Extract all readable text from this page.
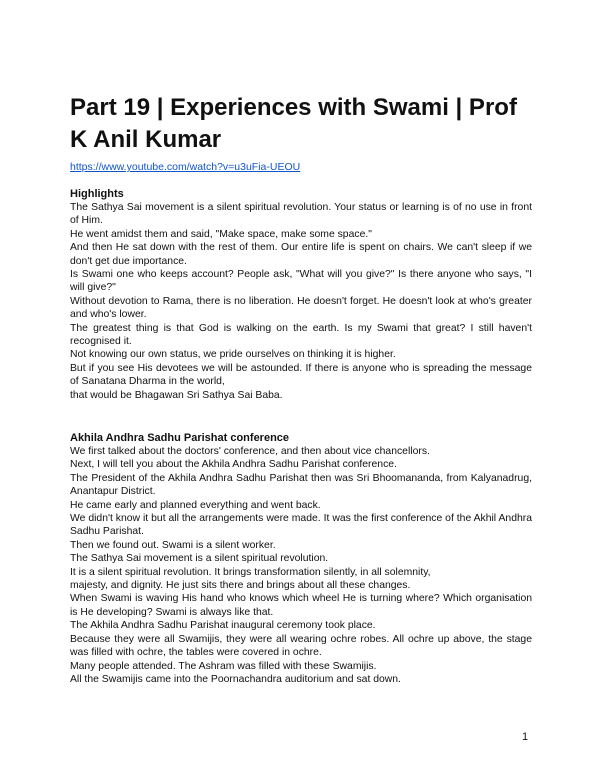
Part 19 | Experiences with Swami | Prof K Anil Kumar
https://www.youtube.com/watch?v=u3uFia-UEOU

Highlights

The Sathya Sai movement is a silent spiritual revolution. Your status or learning is of no use in front of Him.

He went amidst them and said, "Make space, make some space."

And then He sat down with the rest of them. Our entire life is spent on chairs. We can't sleep if we don't get due importance.

Is Swami one who keeps account? People ask, "What will you give?" Is there anyone who says, "I will give?"

Without devotion to Rama, there is no liberation. He doesn't forget. He doesn't look at who's greater and who's lower.

The greatest thing is that God is walking on the earth. Is my Swami that great? I still haven't recognised it.

Not knowing our own status, we pride ourselves on thinking it is higher.

But if you see His devotees we will be astounded. If there is anyone who is spreading the message of Sanatana Dharma in the world,

that would be Bhagawan Sri Sathya Sai Baba.

Akhila Andhra Sadhu Parishat conference

We first talked about the doctors' conference, and then about vice chancellors.

Next, I will tell you about the Akhila Andhra Sadhu Parishat conference.

The President of the Akhila Andhra Sadhu Parishat then was Sri Bhoomananda, from Kalyanadrug, Anantapur District.

He came early and planned everything and went back.

We didn't know it but all the arrangements were made. It was the first conference of the Akhil Andhra Sadhu Parishat.

Then we found out. Swami is a silent worker.

The Sathya Sai movement is a silent spiritual revolution.

It is a silent spiritual revolution. It brings transformation silently, in all solemnity,

majesty, and dignity. He just sits there and brings about all these changes.

When Swami is waving His hand who knows which wheel He is turning where? Which organisation is He developing? Swami is always like that.

The Akhila Andhra Sadhu Parishat inaugural ceremony took place.

Because they were all Swamijis, they were all wearing ochre robes. All ochre up above, the stage was filled with ochre, the tables were covered in ochre.

Many people attended. The Ashram was filled with these Swamijis.

All the Swamijis came into the Poornachandra auditorium and sat down.

1
